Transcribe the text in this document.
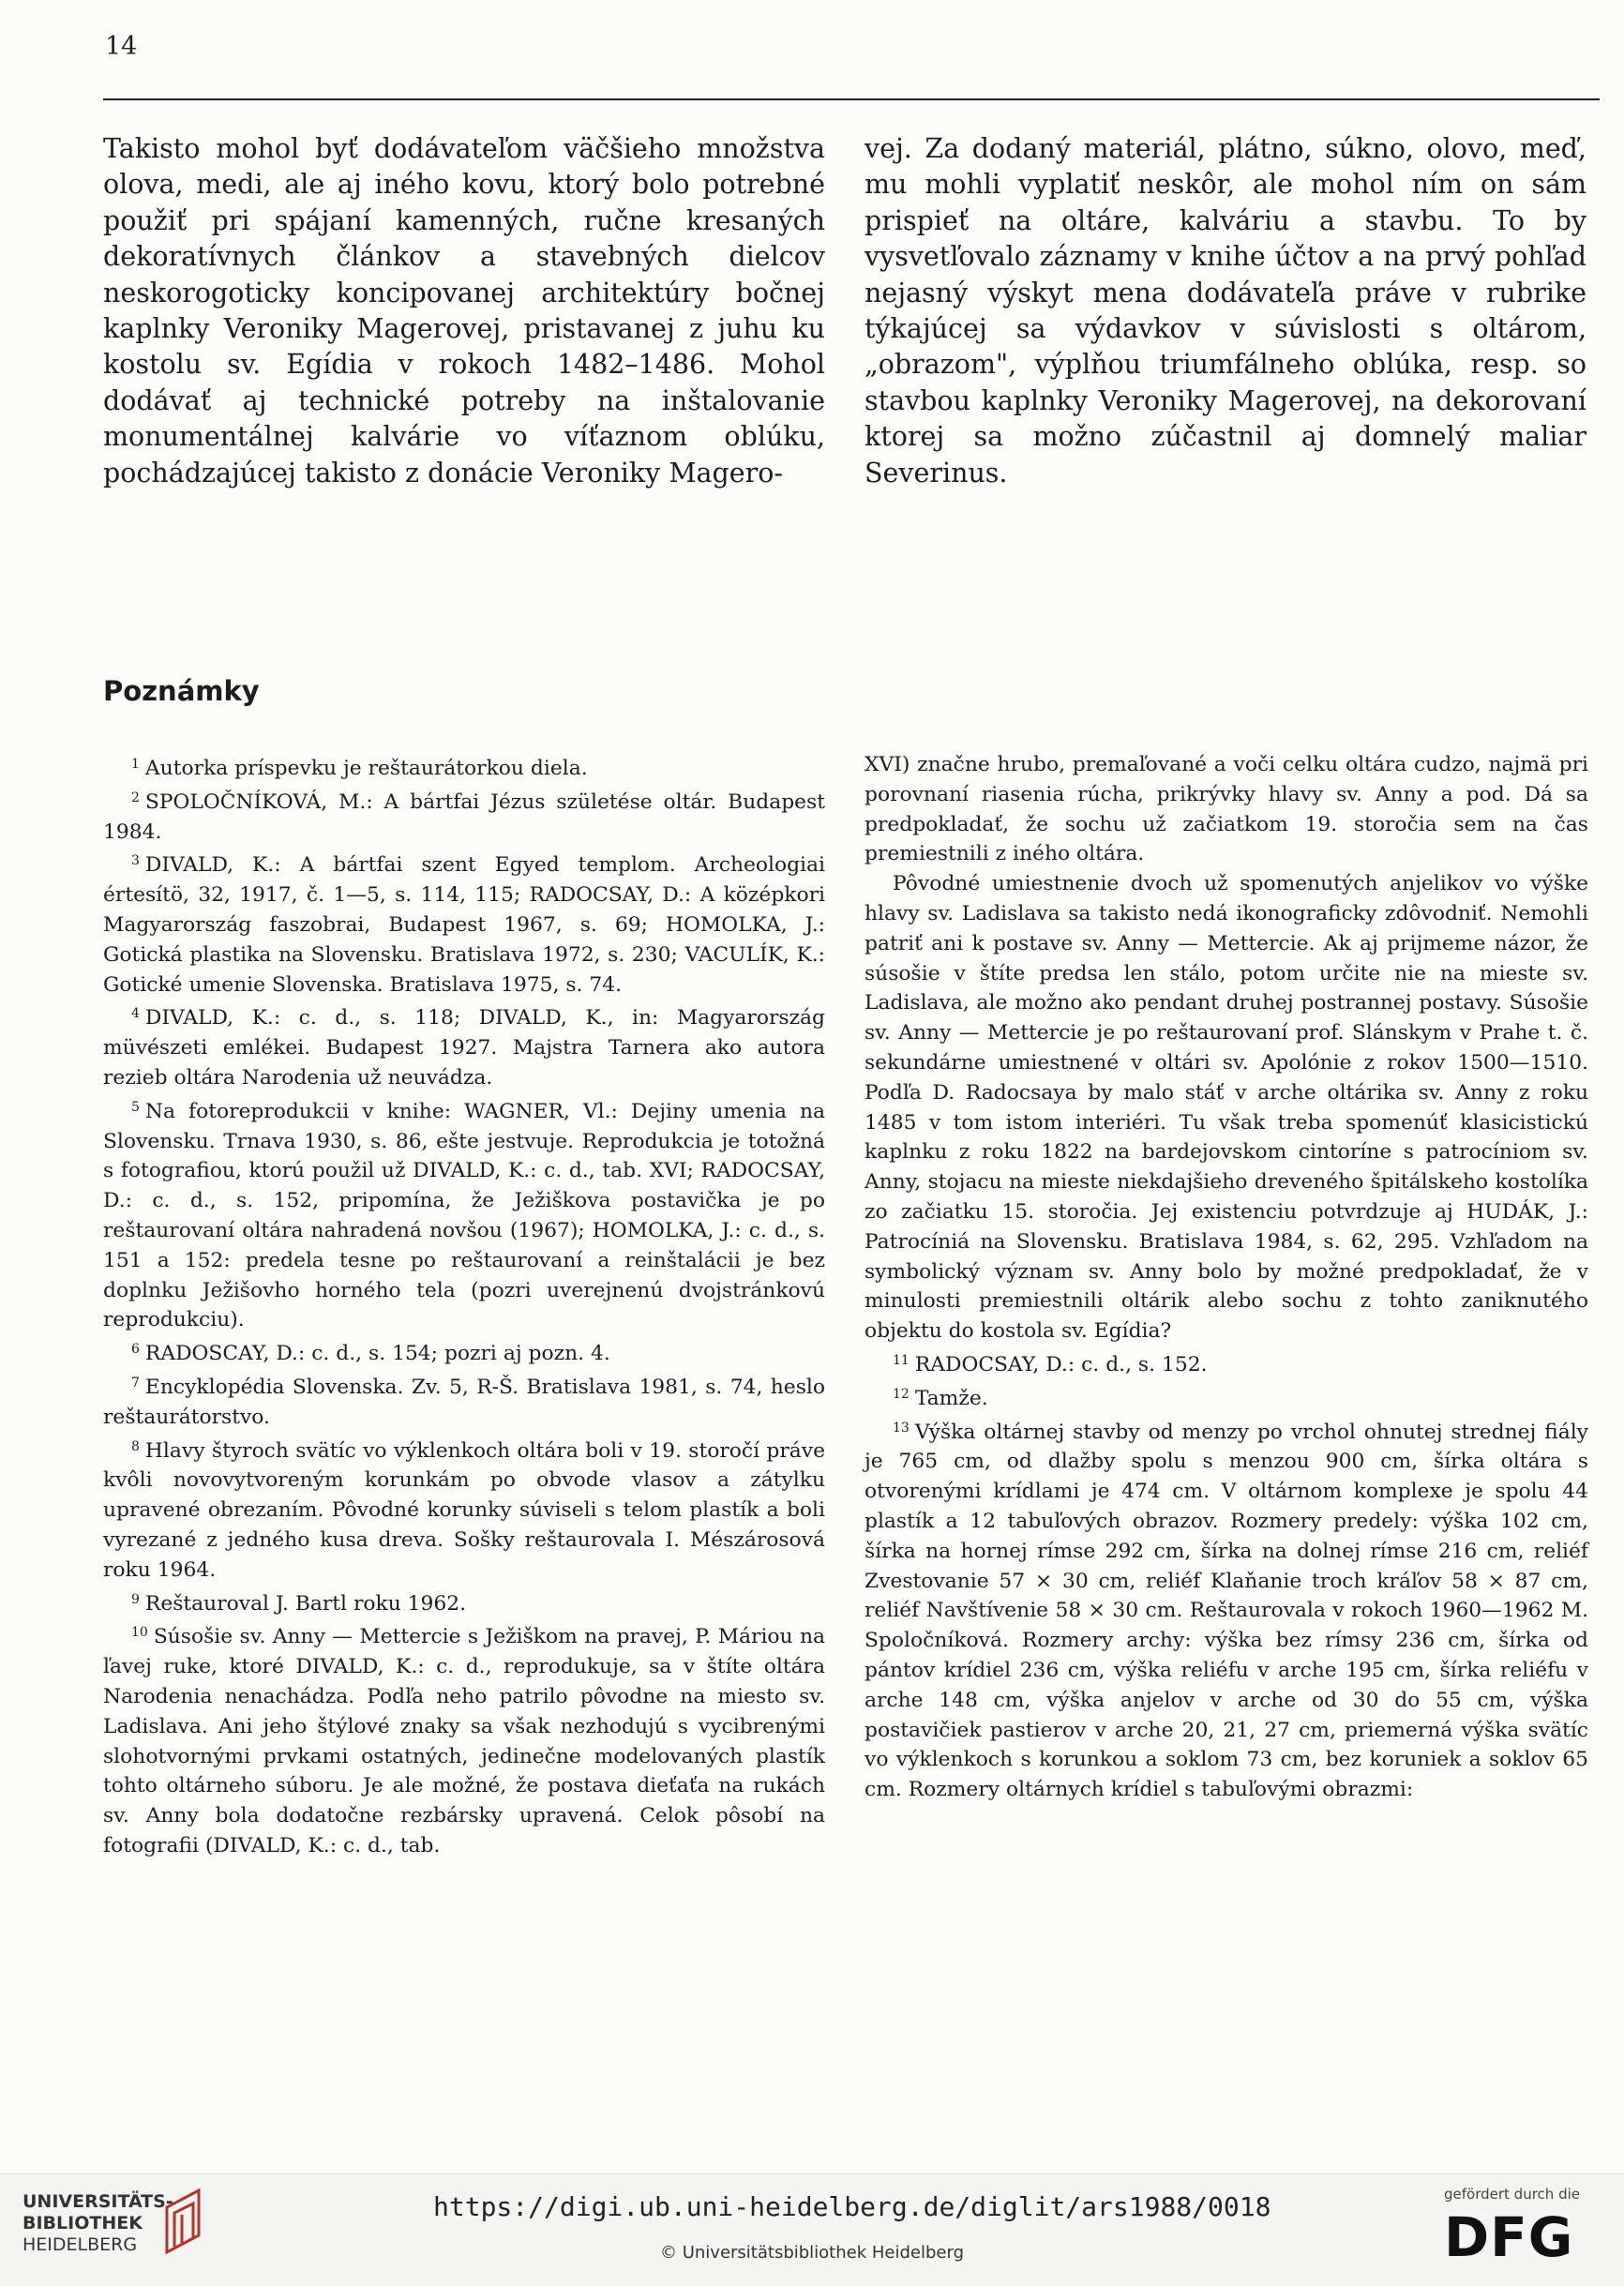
14

Takisto mohol byť dodávateľom väčšieho množstva olova, medi, ale aj iného kovu, ktorý bolo potrebné použiť pri spájaní kamenných, ručne kresaných dekoratívnych článkov a stavebných dielcov neskorogoticky koncipovanej architektúry bočnej kaplnky Veroniky Magerovej, pristavanej z juhu ku kostolu sv. Egídia v rokoch 1482–1486. Mohol dodávať aj technické potreby na inštalovanie monumentálnej kalvárie vo víťaznom oblúku, pochádzajúcej takisto z donácie Veroniky Magero-

vej. Za dodaný materiál, plátno, súkno, olovo, meď, mu mohli vyplatiť neskôr, ale mohol ním on sám prispieť na oltáre, kalváriu a stavbu. To by vysvetľovalo záznamy v knihe účtov a na prvý pohľad nejasný výskyt mena dodávateľa práve v rubrike týkajúcej sa výdavkov v súvislosti s oltárom, „obrazom", výplňou triumfálneho oblúka, resp. so stavbou kaplnky Veroniky Magerovej, na dekorovaní ktorej sa možno zúčastnil aj domnelý maliar Severinus.

Poznámky

$^1$ Autorka príspevku je reštaurátorkou diela.

$^2$ SPOLOČNÍKOVÁ, M.: A bártfai Jézus születése oltár. Budapest 1984.

$^3$ DIVALD, K.: A bártfai szent Egyed templom. Archeologiai értesítö, 32, 1917, č. 1—5, s. 114, 115; RADOCSAY, D.: A középkori Magyarország faszobrai, Budapest 1967, s. 69; HOMOLKA, J.: Gotická plastika na Slovensku. Bratislava 1972, s. 230; VACULÍK, K.: Gotické umenie Slovenska. Bratislava 1975, s. 74.

$^4$ DIVALD, K.: c. d., s. 118; DIVALD, K., in: Magyarország müvészeti emlékei. Budapest 1927. Majstra Tarnera ako autora rezieb oltára Narodenia už neuvádza.

$^5$ Na fotoreprodukcii v knihe: WAGNER, Vl.: Dejiny umenia na Slovensku. Trnava 1930, s. 86, ešte jestvuje. Reprodukcia je totožná s fotografiou, ktorú použil už DIVALD, K.: c. d., tab. XVI; RADOCSAY, D.: c. d., s. 152, pripomína, že Ježiškova postavička je po reštaurovaní oltára nahradená novšou (1967); HOMOLKA, J.: c. d., s. 151 a 152: predela tesne po reštaurovaní a reinštalácii je bez doplnku Ježišovho horného tela (pozri uverejnenú dvojstránkovú reprodukciu).

$^6$ RADOSCAY, D.: c. d., s. 154; pozri aj pozn. 4.

$^7$ Encyklopédia Slovenska. Zv. 5, R-Š. Bratislava 1981, s. 74, heslo reštaurátorstvo.

$^8$ Hlavy štyroch svätíc vo výklenkoch oltára boli v 19. storočí práve kvôli novovytvoreným korunkám po obvode vlasov a zátylku upravené obrezaním. Pôvodné korunky súviseli s telom plastík a boli vyrezané z jedného kusa dreva. Sošky reštaurovala I. Mészárosová roku 1964.

$^9$ Reštauroval J. Bartl roku 1962.

$^{10}$ Súsošie sv. Anny — Mettercie s Ježiškom na pravej, P. Máriou na ľavej ruke, ktoré DIVALD, K.: c. d., reprodukuje, sa v štíte oltára Narodenia nenachádza. Podľa neho patrilo pôvodne na miesto sv. Ladislava. Ani jeho štýlové znaky sa však nezhodujú s vycibrenými slohotvornými prvkami ostatných, jedinečne modelovaných plastík tohto oltárneho súboru. Je ale možné, že postava dieťaťa na rukách sv. Anny bola dodatočne rezbársky upravená. Celok pôsobí na fotografii (DIVALD, K.: c. d., tab.

XVI) značne hrubo, premaľované a voči celku oltára cudzo, najmä pri porovnaní riasenia rúcha, prikrývky hlavy sv. Anny a pod. Dá sa predpokladať, že sochu už začiatkom 19. storočia sem na čas premiestnili z iného oltára.

Pôvodné umiestnenie dvoch už spomenutých anjelikov vo výške hlavy sv. Ladislava sa takisto nedá ikonograficky zdôvodniť. Nemohli patriť ani k postave sv. Anny — Mettercie. Ak aj prijmeme názor, že súsošie v štíte predsa len stálo, potom určite nie na mieste sv. Ladislava, ale možno ako pendant druhej postrannej postavy. Súsošie sv. Anny — Mettercie je po reštaurovaní prof. Slánskym v Prahe t. č. sekundárne umiestnené v oltári sv. Apolónie z rokov 1500—1510. Podľa D. Radocsaya by malo stáť v arche oltárika sv. Anny z roku 1485 v tom istom interiéri. Tu však treba spomenúť klasicistickú kaplnku z roku 1822 na bardejovskom cintoríne s patrocíniom sv. Anny, stojacu na mieste niekdajšieho dreveného špitálskeho kostolíka zo začiatku 15. storočia. Jej existenciu potvrdzuje aj HUDÁK, J.: Patrocíniá na Slovensku. Bratislava 1984, s. 62, 295. Vzhľadom na symbolický význam sv. Anny bolo by možné predpokladať, že v minulosti premiestnili oltárik alebo sochu z tohto zaniknutého objektu do kostola sv. Egídia?

$^{11}$ RADOCSAY, D.: c. d., s. 152.

$^{12}$ Tamže.

$^{13}$ Výška oltárnej stavby od menzy po vrchol ohnutej strednej fiály je 765 cm, od dlažby spolu s menzou 900 cm, šírka oltára s otvorenými krídlami je 474 cm. V oltárnom komplexe je spolu 44 plastík a 12 tabuľových obrazov. Rozmery predely: výška 102 cm, šírka na hornej rímse 292 cm, šírka na dolnej rímse 216 cm, reliéf Zvestovanie 57 ⨯ 30 cm, reliéf Klaňanie troch kráľov 58 ⨯ 87 cm, reliéf Navštívenie 58 ⨯ 30 cm. Reštaurovala v rokoch 1960—1962 M. Spoločníková. Rozmery archy: výška bez rímsy 236 cm, šírka od pántov krídiel 236 cm, výška reliéfu v arche 195 cm, šírka reliéfu v arche 148 cm, výška anjelov v arche od 30 do 55 cm, výška postavičiek pastierov v arche 20, 21, 27 cm, priemerná výška svätíc vo výklenkoch s korunkou a soklom 73 cm, bez koruniek a soklov 65 cm. Rozmery oltárnych krídiel s tabuľovými obrazmi:

UNIVERSITÄTS-
BIBLIOTHEK
HEIDELBERG
https://digi.ub.uni-heidelberg.de/diglit/ars1988/0018
© Universitätsbibliothek Heidelberg
gefördert durch die
DFG
